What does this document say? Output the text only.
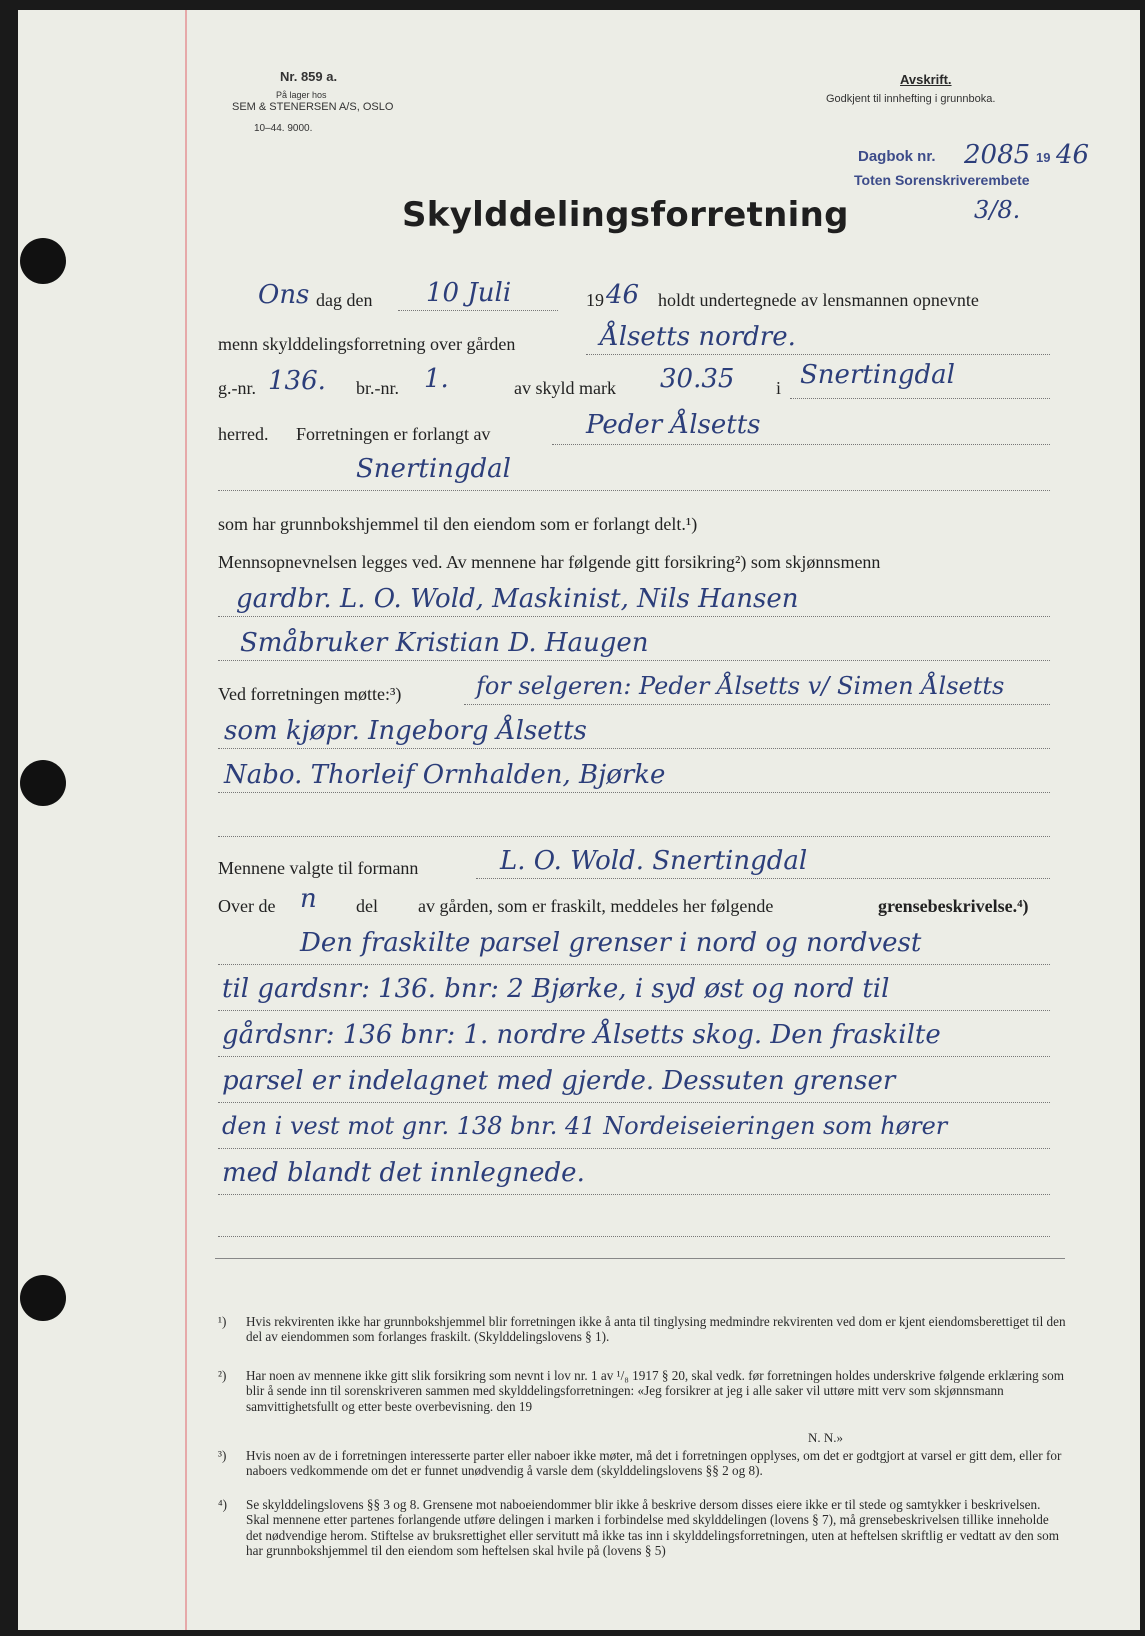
Nr. 859 a.
På lager hos
SEM & STENERSEN A/S, OSLO
10–44. 9000.
Avskrift.
Godkjent til innhefting i grunnboka.
Dagbok nr. 2085 19 46
Toten Sorenskriverembete
3/8.
Skylddelingsforretning
Ons dag den 10 Juli	19 46 holdt undertegnede av lensmannen opnevnte
menn skylddelingsforretning over gården	Ålsetts nordre.
g.-nr. 136. br.-nr. 1.	av skyld mark 30.35 i Snertingdal
herred. Forretningen er forlangt av	Peder Ålsetts
Snertingdal
som har grunnbokshjemmel til den eiendom som er forlangt delt.¹)
Mennsopnevnelsen legges ved. Av mennene har følgende gitt forsikring²) som skjønnsmenn
gardbr. L. O. Wold, Maskinist, Nils Hansen
Småbruker Kristian D. Haugen
Ved forretningen møtte:³)	for selgeren: Peder Ålsetts v/ Simen Ålsetts
som kjøpr. Ingeborg Ålsetts
Nabo. Thorleif Ornhalden, Bjørke
Mennene valgte til formann	L. O. Wold. Snertingdal
Over de n del av gården, som er fraskilt, meddeles her følgende	grensebeskrivelse.⁴)
Den fraskilte parsel grenser i nord og nordvest
til gardsnr: 136. bnr: 2 Bjørke, i syd øst og nord til
gårdsnr: 136 bnr: 1. nordre Ålsetts skog. Den fraskilte
parsel er indelagnet med gjerde. Dessuten grenser
den i vest mot gnr. 138 bnr. 41 Nordeiseieringen som hører
med blandt det innlegnede.
¹) Hvis rekvirenten ikke har grunnbokshjemmel blir forretningen ikke å anta til tinglysing medmindre rekvirenten ved dom er kjent eiendomsberettiget til den del av eiendommen som forlanges fraskilt. (Skylddelingslovens § 1).
²) Har noen av mennene ikke gitt slik forsikring som nevnt i lov nr. 1 av ¹/₈ 1917 § 20, skal vedk. før forretningen holdes underskrive følgende erklæring som blir å sende inn til sorenskriveren sammen med skylddelingsforretningen: «Jeg forsikrer at jeg i alle saker vil uttøre mitt verv som skjønnsmann samvittighetsfullt og etter beste overbevisning. den 19
N. N.»
³) Hvis noen av de i forretningen interesserte parter eller naboer ikke møter, må det i forretningen opplyses, om det er godtgjort at varsel er gitt dem, eller for naboers vedkommende om det er funnet unødvendig å varsle dem (skylddelingslovens §§ 2 og 8).
⁴) Se skylddelingslovens §§ 3 og 8. Grensene mot naboeiendommer blir ikke å beskrive dersom disses eiere ikke er til stede og samtykker i beskrivelsen. Skal mennene etter partenes forlangende utføre delingen i marken i forbindelse med skylddelingen (lovens § 7), må grensebeskrivelsen tillike inneholde det nødvendige herom. Stiftelse av bruksrettighet eller servitutt må ikke tas inn i skylddelingsforretningen, uten at heftelsen skriftlig er vedtatt av den som har grunnbokshjemmel til den eiendom som heftelsen skal hvile på (lovens § 5)
